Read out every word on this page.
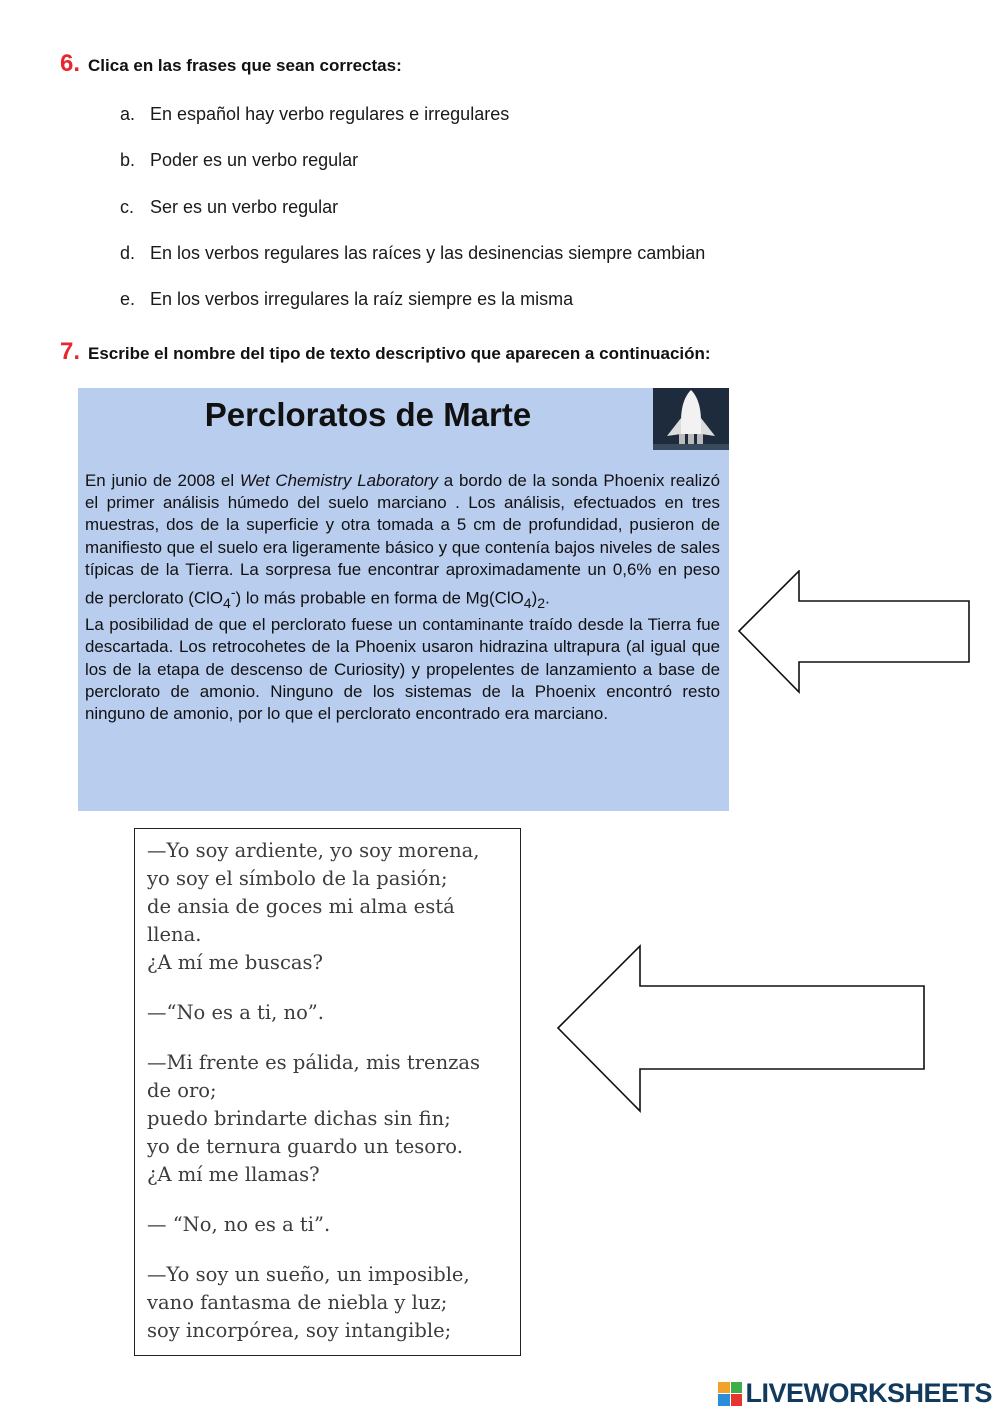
6. Clica en las frases que sean correctas:
a. En español hay verbo regulares e irregulares
b. Poder es un verbo regular
c. Ser es un verbo regular
d. En los verbos regulares las raíces y las desinencias siempre cambian
e. En los verbos irregulares la raíz siempre es la misma
7. Escribe el nombre del tipo de texto descriptivo que aparecen a continuación:
Percloratos de Marte

En junio de 2008 el Wet Chemistry Laboratory a bordo de la sonda Phoenix realizó el primer análisis húmedo del suelo marciano . Los análisis, efectuados en tres muestras, dos de la superficie y otra tomada a 5 cm de profundidad, pusieron de manifiesto que el suelo era ligeramente básico y que contenía bajos niveles de sales típicas de la Tierra. La sorpresa fue encontrar aproximadamente un 0,6% en peso de perclorato (ClO$_4$-) lo más probable en forma de $Mg(ClO_4)_2$.

La posibilidad de que el perclorato fuese un contaminante traído desde la Tierra fue descartada. Los retrocohetes de la Phoenix usaron hidrazina ultrapura (al igual que los de la etapa de descenso de Curiosity) y propelentes de lanzamiento a base de perclorato de amonio. Ninguno de los sistemas de la Phoenix encontró resto ninguno de amonio, por lo que el perclorato encontrado era marciano.

—Yo soy ardiente, yo soy morena,
yo soy el símbolo de la pasión;
de ansia de goces mi alma está
llena.
¿A mí me buscas?
—“No es a ti, no”.
—Mi frente es pálida, mis trenzas
de oro;
puedo brindarte dichas sin fin;
yo de ternura guardo un tesoro.
¿A mí me llamas?
— “No, no es a ti”.
—Yo soy un sueño, un imposible,
vano fantasma de niebla y luz;
soy incorpórea, soy intangible;
LIVEWORKSHEETS
